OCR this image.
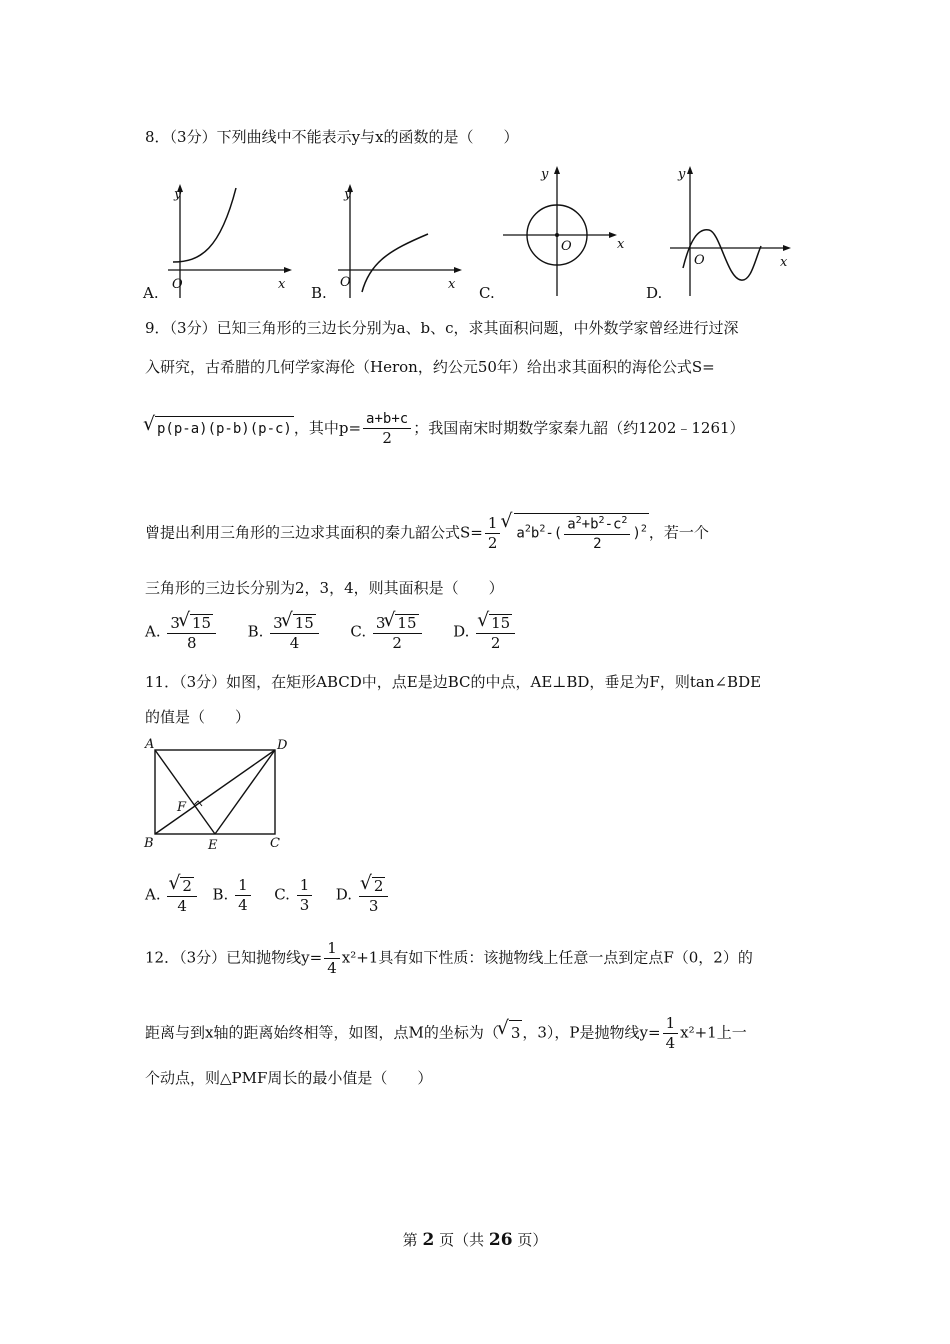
8．（3分）下列曲线中不能表示y与x的函数的是（　　）
y
x
O
A.
y
x
O
B.
y
x
O
C.
y
x
O
D.
9．（3分）已知三角形的三边长分别为a、b、c，求其面积问题，中外数学家曾经进行过深
入研究，古希腊的几何学家海伦（Heron，约公元50年）给出求其面积的海伦公式S=
√ p(p-a)(p-b)(p-c) ，其中$p= \frac{a+b+c}{2}$ ；我国南宋时期数学家秦九韶（约1202﹣1261）
曾提出利用三角形的三边求其面积的秦九韶公式$S= \frac{1}{2}$ √ $a^2b^2-( \frac{a^2+b^2-c^2}{2} )^2$ ，若一个
三角形的三边长分别为2，3，4，则其面积是（　　）
A. $\frac{3 √ 15}{8} B$. $\frac{3 √ 15}{4} C$. $\frac{3 √ 15}{2} D$. √ $\frac{15}{2}$
11．（3分）如图，在矩形ABCD中，点E是边BC的中点，AE⊥BD，垂足为F，则tan∠BDE
的值是（　　）
A	D
B	C
E
F
A. √ $\frac{2}{4} B$. $\frac{1}{4} C$. $\frac{1}{3} D$. √ $\frac{2}{3}$
12．（3分）已知抛物线$y= \frac{1}{4} x^2+1$具有如下性质：该抛物线上任意一点到定点F（0，2）的
距离与到x轴的距离始终相等，如图，点M的坐标为（ √ 3 ，3），P是抛物线$y= \frac{1}{4} x^2+1$上一
个动点，则△PMF周长的最小值是（　　）
第 2 页（共 26 页）
